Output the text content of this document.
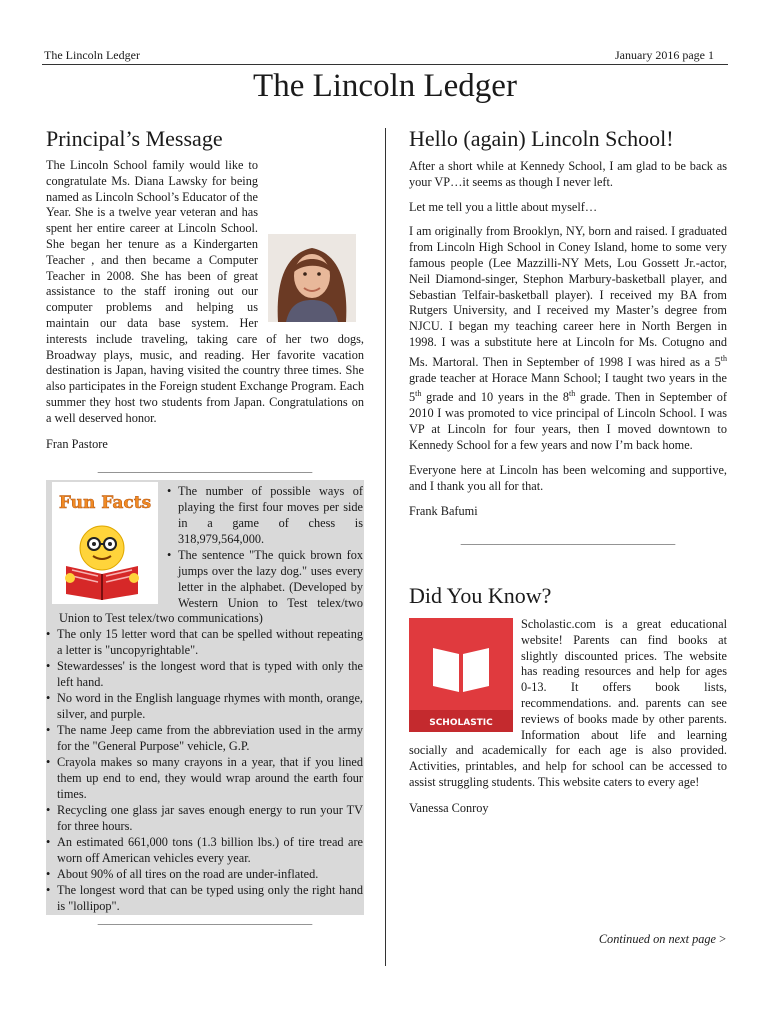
The Lincoln Ledger	January 2016 page 1
The Lincoln Ledger
Principal’s Message

The Lincoln School family would like to congratulate Ms. Diana Lawsky for being named as Lincoln School’s Educator of the Year. She is a twelve year veteran and has spent her entire career at Lincoln School. She began her tenure as a Kindergarten Teacher , and then became a Computer Teacher in 2008. She has been of great assistance to the staff ironing out our computer problems and helping us maintain our data base system. Her interests include traveling, taking care of her two dogs, Broadway plays, music, and reading. Her favorite vacation destination is Japan, having visited the country three times. She also participates in the Foreign student Exchange Program. Each summer they host two students from Japan. Congratulations on a well deserved honor.

Fran Pastore

_______________________________________
Fun Facts
• The number of possible ways of playing the first four moves per side in a game of chess is 318,979,564,000.
• The sentence "The quick brown fox jumps over the lazy dog." uses every letter in the alphabet. (Developed by Western Union to Test telex/two
Union to Test telex/two communications)
• The only 15 letter word that can be spelled without repeating a letter is "uncopyrightable".
• Stewardesses' is the longest word that is typed with only the left hand.
• No word in the English language rhymes with month, orange, silver, and purple.
• The name Jeep came from the abbreviation used in the army for the "General Purpose" vehicle, G.P.
• Crayola makes so many crayons in a year, that if you lined them up end to end, they would wrap around the earth four times.
• Recycling one glass jar saves enough energy to run your TV for three hours.
• An estimated 661,000 tons (1.3 billion lbs.) of tire tread are worn off American vehicles every year.
• About 90% of all tires on the road are under-inflated.
• The longest word that can be typed using only the right hand is "lollipop".
_______________________________________
Hello (again) Lincoln School!

After a short while at Kennedy School, I am glad to be back as your VP…it seems as though I never left.

Let me tell you a little about myself…

I am originally from Brooklyn, NY, born and raised. I graduated from Lincoln High School in Coney Island, home to some very famous people (Lee Mazzilli-NY Mets, Lou Gossett Jr.-actor, Neil Diamond-singer, Stephon Marbury-basketball player, and Sebastian Telfair-basketball player). I received my BA from Rutgers University, and I received my Master’s degree from NJCU. I began my teaching career here in North Bergen in 1998. I was a substitute here at Lincoln for Ms. Cotugno and Ms. Martoral. Then in September of 1998 I was hired as a 5th grade teacher at Horace Mann School; I taught two years in the 5th grade and 10 years in the 8th grade. Then in September of 2010 I was promoted to vice principal of Lincoln School. I was VP at Lincoln for four years, then I moved downtown to Kennedy School for a few years and now I’m back home.

Everyone here at Lincoln has been welcoming and supportive, and I thank you all for that.

Frank Bafumi

_______________________________________
Did You Know?
SCHOLASTIC

Scholastic.com is a great educational website! Parents can find books at slightly discounted prices. The website has reading resources and help for ages 0-13. It offers book lists, recommendations. and. parents can see reviews of books made by other parents. Information about life and learning socially and academically for each age is also provided. Activities, printables, and help for school can be accessed to assist struggling students. This website caters to every age!

Vanessa Conroy

Continued on next page >
